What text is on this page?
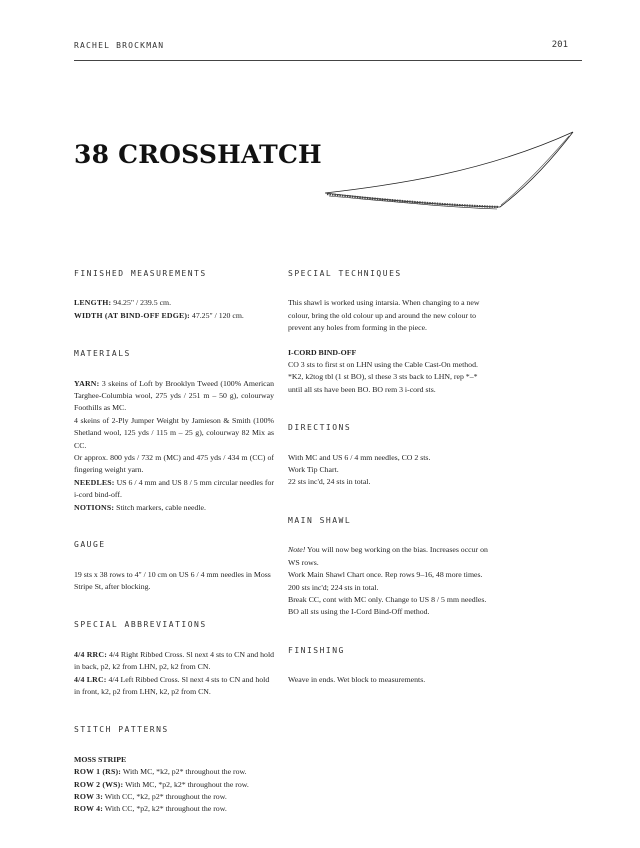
RACHEL BROCKMAN	201
38 CROSSHATCH
FINISHED MEASUREMENTS

LENGTH: 94.25" / 239.5 cm.

WIDTH (AT BIND-OFF EDGE): 47.25" / 120 cm.

MATERIALS

YARN: 3 skeins of Loft by Brooklyn Tweed (100% American Targhee-Columbia wool, 275 yds / 251 m – 50 g), colourway Foothills as MC.

4 skeins of 2-Ply Jumper Weight by Jamieson & Smith (100% Shetland wool, 125 yds / 115 m – 25 g), colourway 82 Mix as CC.

Or approx. 800 yds / 732 m (MC) and 475 yds / 434 m (CC) of fingering weight yarn.

NEEDLES: US 6 / 4 mm and US 8 / 5 mm circular needles for i-cord bind-off.

NOTIONS: Stitch markers, cable needle.

GAUGE

19 sts x 38 rows to 4" / 10 cm on US 6 / 4 mm needles in Moss Stripe St, after blocking.

SPECIAL ABBREVIATIONS

4/4 RRC: 4/4 Right Ribbed Cross. Sl next 4 sts to CN and hold in back, p2, k2 from LHN, p2, k2 from CN.

4/4 LRC: 4/4 Left Ribbed Cross. Sl next 4 sts to CN and hold in front, k2, p2 from LHN, k2, p2 from CN.

STITCH PATTERNS
MOSS STRIPE

ROW 1 (RS): With MC, *k2, p2* throughout the row.

ROW 2 (WS): With MC, *p2, k2* throughout the row.

ROW 3: With CC, *k2, p2* throughout the row.

ROW 4: With CC, *p2, k2* throughout the row.

SPECIAL TECHNIQUES

This shawl is worked using intarsia. When changing to a new colour, bring the old colour up and around the new colour to prevent any holes from forming in the piece.

I-CORD BIND-OFF

CO 3 sts to first st on LHN using the Cable Cast-On method. *K2, k2tog tbl (1 st BO), sl these 3 sts back to LHN, rep *–* until all sts have been BO. BO rem 3 i-cord sts.

DIRECTIONS

With MC and US 6 / 4 mm needles, CO 2 sts.

Work Tip Chart.

22 sts inc'd, 24 sts in total.

MAIN SHAWL

Note! You will now beg working on the bias. Increases occur on WS rows.

Work Main Shawl Chart once. Rep rows 9–16, 48 more times.

200 sts inc'd; 224 sts in total.

Break CC, cont with MC only. Change to US 8 / 5 mm needles. BO all sts using the I-Cord Bind-Off method.

FINISHING

Weave in ends. Wet block to measurements.
